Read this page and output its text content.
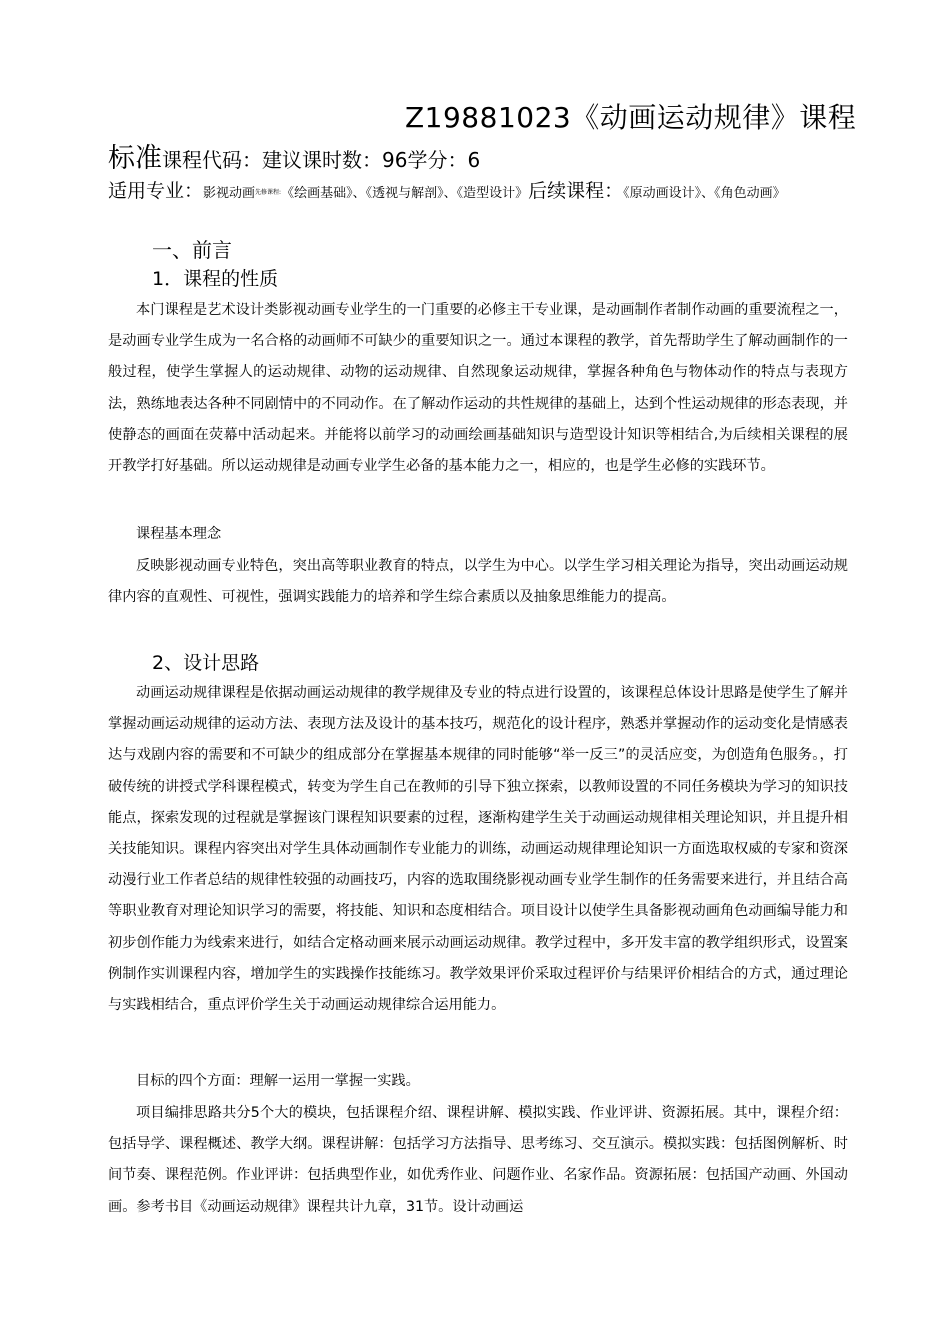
Z19881023《动画运动规律》课程
标准课程代码：建议课时数：96学分：6
适用专业：影视动画$^{先修课程:}$《绘画基础》、《透视与解剖》、《造型设计》后续课程：《原动画设计》、《角色动画》
一、前言
1．课程的性质

本门课程是艺术设计类影视动画专业学生的一门重要的必修主干专业课，是动画制作者制作动画的重要流程之一，是动画专业学生成为一名合格的动画师不可缺少的重要知识之一。通过本课程的教学，首先帮助学生了解动画制作的一般过程，使学生掌握人的运动规律、动物的运动规律、自然现象运动规律，掌握各种角色与物体动作的特点与表现方法，熟练地表达各种不同剧情中的不同动作。在了解动作运动的共性规律的基础上，达到个性运动规律的形态表现，并使静态的画面在荧幕中活动起来。并能将以前学习的动画绘画基础知识与造型设计知识等相结合,为后续相关课程的展开教学打好基础。所以运动规律是动画专业学生必备的基本能力之一，相应的，也是学生必修的实践环节。

课程基本理念

反映影视动画专业特色，突出高等职业教育的特点，以学生为中心。以学生学习相关理论为指导，突出动画运动规律内容的直观性、可视性，强调实践能力的培养和学生综合素质以及抽象思维能力的提高。

2、设计思路

动画运动规律课程是依据动画运动规律的教学规律及专业的特点进行设置的，该课程总体设计思路是使学生了解并掌握动画运动规律的运动方法、表现方法及设计的基本技巧，规范化的设计程序，熟悉并掌握动作的运动变化是情感表达与戏剧内容的需要和不可缺少的组成部分在掌握基本规律的同时能够“举一反三”的灵活应变，为创造角色服务。，打破传统的讲授式学科课程模式，转变为学生自己在教师的引导下独立探索，以教师设置的不同任务模块为学习的知识技能点，探索发现的过程就是掌握该门课程知识要素的过程，逐渐构建学生关于动画运动规律相关理论知识，并且提升相关技能知识。课程内容突出对学生具体动画制作专业能力的训练，动画运动规律理论知识一方面选取权威的专家和资深动漫行业工作者总结的规律性较强的动画技巧，内容的选取围绕影视动画专业学生制作的任务需要来进行，并且结合高等职业教育对理论知识学习的需要，将技能、知识和态度相结合。项目设计以使学生具备影视动画角色动画编导能力和初步创作能力为线索来进行，如结合定格动画来展示动画运动规律。教学过程中，多开发丰富的教学组织形式，设置案例制作实训课程内容，增加学生的实践操作技能练习。教学效果评价采取过程评价与结果评价相结合的方式，通过理论与实践相结合，重点评价学生关于动画运动规律综合运用能力。

目标的四个方面：理解一运用一掌握一实践。

项目编排思路共分5个大的模块，包括课程介绍、课程讲解、模拟实践、作业评讲、资源拓展。其中，课程介绍：包括导学、课程概述、教学大纲。课程讲解：包括学习方法指导、思考练习、交互演示。模拟实践：包括图例解析、时间节奏、课程范例。作业评讲：包括典型作业，如优秀作业、问题作业、名家作品。资源拓展：包括国产动画、外国动画。参考书目《动画运动规律》课程共计九章，31节。设计动画运
